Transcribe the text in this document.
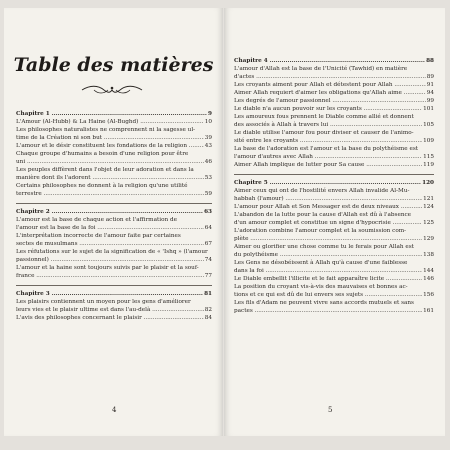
Table des matières
Chapitre 1 .....	9
L'Amour (Al-Hubb) & La Haine (Al-Bughd) .....	10
Les philosophes naturalistes ne comprennent ni la sagesse ul-
time de la Création ni son but .....	39
L'amour et le désir constituent les fondations de la religion .....	43
Chaque groupe d'humains a besoin d'une religion pour être
uni .....	46
Les peuples diffèrent dans l'objet de leur adoration et dans la
manière dont ils l'adorent .....	53
Certains philosophes ne donnent à la religion qu'une utilité
terrestre .....	59
Chapitre 2 .....	63
L'amour est la base de chaque action et l'affirmation de
l'amour est la base de la foi .....	64
L'interprétation incorrecte de l'amour faite par certaines
sectes de musulmans .....	67
Les réfutations sur le sujet de la signification de « 'Ishq » (l'amour
passionnel) .....	74
L'amour et la haine sont toujours suivis par le plaisir et la souf-
france .....	77
Chapitre 3 .....	81
Les plaisirs contiennent un moyen pour les gens d'améliorer
leurs vies et le plaisir ultime est dans l'au-delà .....	82
L'avis des philosophes concernant le plaisir .....	84
4
Chapitre 4 .....	88
L'amour d'Allah est la base de l'Unicité (Tawhid) en matière
d'actes .....	89
Les croyants aiment pour Allah et détestent pour Allah .....	91
Aimer Allah requiert d'aimer les obligations qu'Allah aime .....	94
Les degrés de l'amour passionnel .....	99
Le diable n'a aucun pouvoir sur les croyants .....	101
Les amoureux fous prennent le Diable comme allié et donnent
des associés à Allah à travers lui .....	105
Le diable utilise l'amour fou pour diviser et causer de l'animo-
sité entre les croyants .....	109
La base de l'adoration est l'amour et la base du polythéisme est
l'amour d'autres avec Allah .....	115
Aimer Allah implique de lutter pour Sa cause .....	119
Chapitre 5 .....	120
Aimer ceux qui ont de l'hostilité envers Allah invalide Al-Mu-
habbah (l'amour) .....	121
L'amour pour Allah et Son Messager est de deux niveaux .....	124
L'abandon de la lutte pour la cause d'Allah est dû à l'absence
d'un amour complet et constitue un signe d'hypocrisie .....	125
L'adoration combine l'amour complet et la soumission com-
plète .....	129
Aimer ou glorifier une chose comme tu le ferais pour Allah est
du polythéisme .....	138
Les Gens ne désobéissent à Allah qu'à cause d'une faiblesse
dans la foi .....	144
Le Diable embellit l'illicite et le fait apparaître licite .....	146
La position du croyant vis-à-vis des mauvaises et bonnes ac-
tions et ce qui est dû de lui envers ses sujets .....	156
Les fils d'Adam ne peuvent vivre sans accords mutuels et sans
pactes .....	161
5
